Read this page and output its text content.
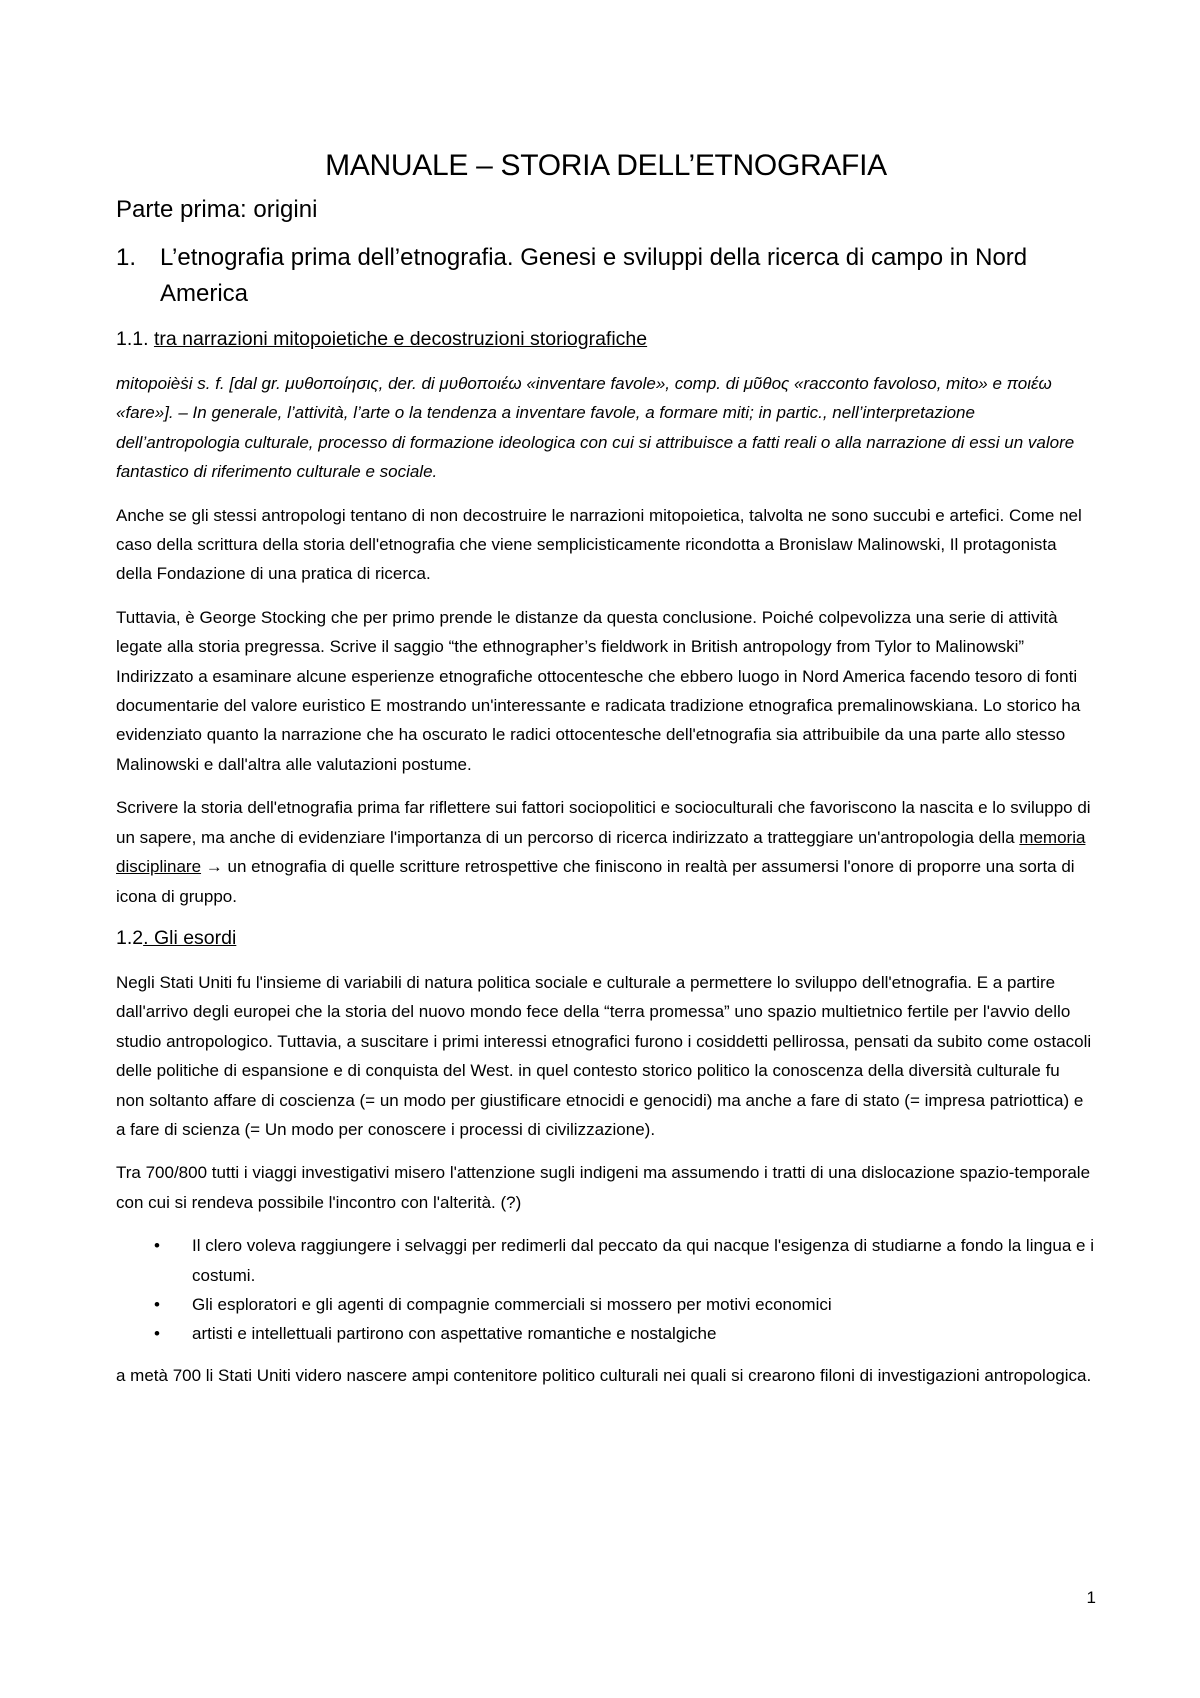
MANUALE – STORIA DELL’ETNOGRAFIA
Parte prima: origini
1. L’etnografia prima dell’etnografia. Genesi e sviluppi della ricerca di campo in Nord America
1.1. tra narrazioni mitopoietiche e decostruzioni storiografiche

mitopoièṡi s. f. [dal gr. μυθοποίησις, der. di μυθοποιέω «inventare favole», comp. di μῦθος «racconto favoloso, mito» e ποιέω «fare»]. – In generale, l’attività, l’arte o la tendenza a inventare favole, a formare miti; in partic., nell’interpretazione dell’antropologia culturale, processo di formazione ideologica con cui si attribuisce a fatti reali o alla narrazione di essi un valore fantastico di riferimento culturale e sociale.

Anche se gli stessi antropologi tentano di non decostruire le narrazioni mitopoietica, talvolta ne sono succubi e artefici. Come nel caso della scrittura della storia dell'etnografia che viene semplicisticamente ricondotta a Bronislaw Malinowski, Il protagonista della Fondazione di una pratica di ricerca.

Tuttavia, è George Stocking che per primo prende le distanze da questa conclusione. Poiché colpevolizza una serie di attività legate alla storia pregressa. Scrive il saggio “the ethnographer’s fieldwork in British antropology from Tylor to Malinowski” Indirizzato a esaminare alcune esperienze etnografiche ottocentesche che ebbero luogo in Nord America facendo tesoro di fonti documentarie del valore euristico E mostrando un'interessante e radicata tradizione etnografica premalinowskiana. Lo storico ha evidenziato quanto la narrazione che ha oscurato le radici ottocentesche dell'etnografia sia attribuibile da una parte allo stesso Malinowski e dall'altra alle valutazioni postume.

Scrivere la storia dell'etnografia prima far riflettere sui fattori sociopolitici e socioculturali che favoriscono la nascita e lo sviluppo di un sapere, ma anche di evidenziare l'importanza di un percorso di ricerca indirizzato a tratteggiare un'antropologia della memoria disciplinare → un etnografia di quelle scritture retrospettive che finiscono in realtà per assumersi l'onore di proporre una sorta di icona di gruppo.

1.2. Gli esordi

Negli Stati Uniti fu l'insieme di variabili di natura politica sociale e culturale a permettere lo sviluppo dell'etnografia. E a partire dall'arrivo degli europei che la storia del nuovo mondo fece della “terra promessa” uno spazio multietnico fertile per l'avvio dello studio antropologico. Tuttavia, a suscitare i primi interessi etnografici furono i cosiddetti pellirossa, pensati da subito come ostacoli delle politiche di espansione e di conquista del West. in quel contesto storico politico la conoscenza della diversità culturale fu non soltanto affare di coscienza (= un modo per giustificare etnocidi e genocidi) ma anche a fare di stato (= impresa patriottica) e a fare di scienza (= Un modo per conoscere i processi di civilizzazione).

Tra 700/800 tutti i viaggi investigativi misero l'attenzione sugli indigeni ma assumendo i tratti di una dislocazione spazio-temporale con cui si rendeva possibile l'incontro con l'alterità. (?)

•	Il clero voleva raggiungere i selvaggi per redimerli dal peccato da qui nacque l'esigenza di studiarne a fondo la lingua e i costumi.
•	Gli esploratori e gli agenti di compagnie commerciali si mossero per motivi economici
•	artisti e intellettuali partirono con aspettative romantiche e nostalgiche

a metà 700 li Stati Uniti videro nascere ampi contenitore politico culturali nei quali si crearono filoni di investigazioni antropologica.

1
